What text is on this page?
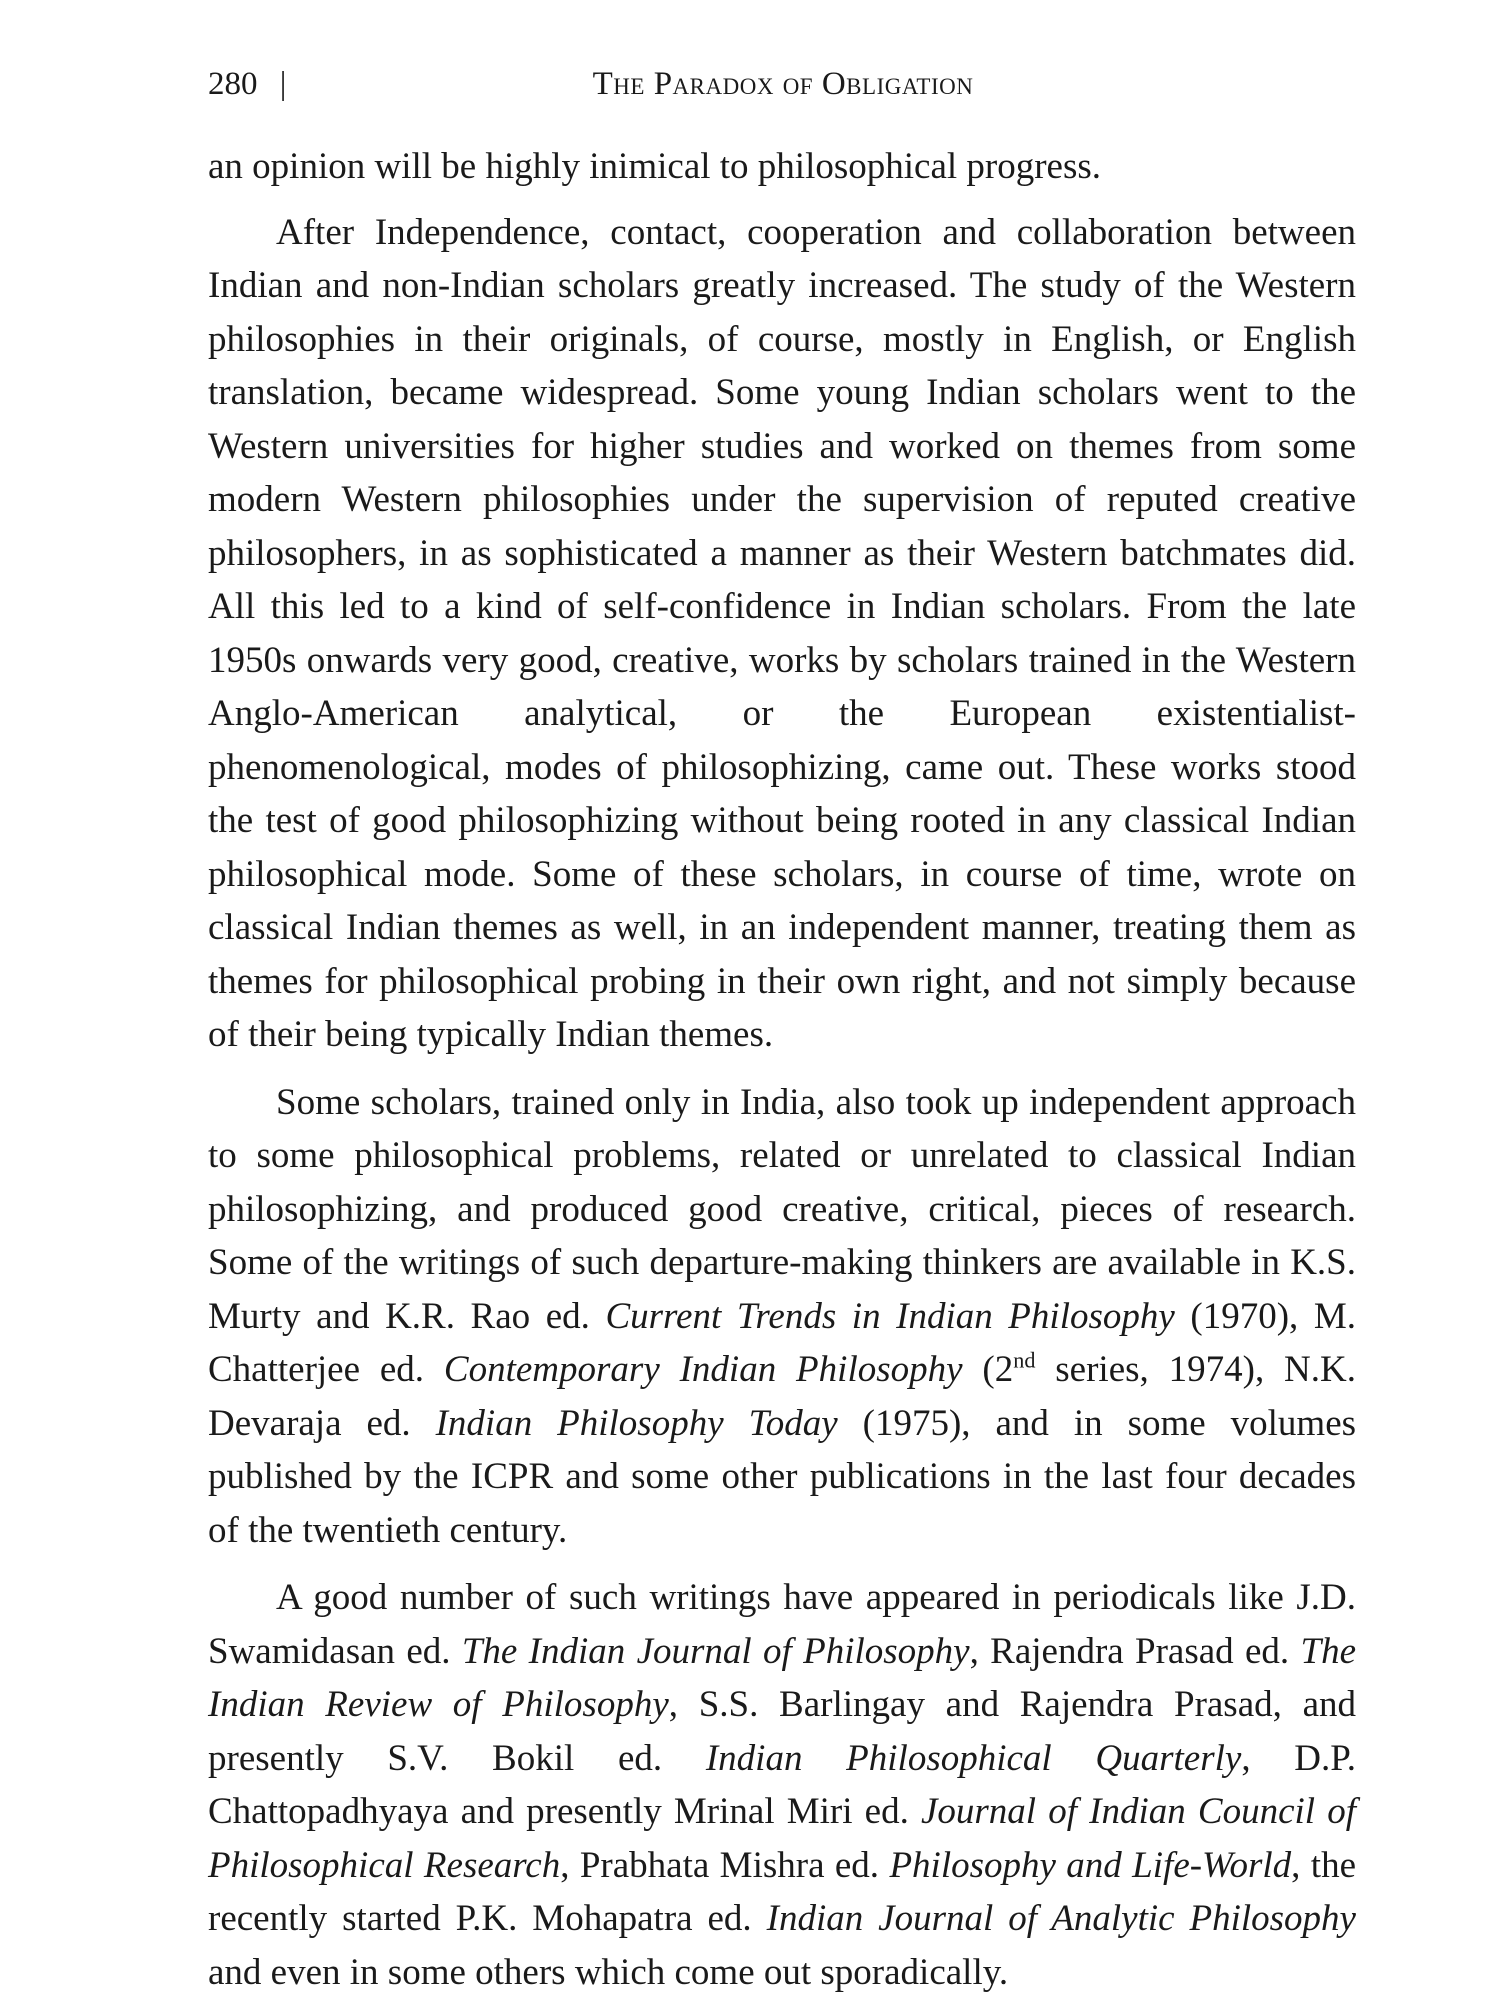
280 |	The Paradox of Obligation

an opinion will be highly inimical to philosophical progress.

After Independence, contact, cooperation and collaboration between Indian and non-Indian scholars greatly increased. The study of the Western philosophies in their originals, of course, mostly in English, or English translation, became widespread. Some young Indian scholars went to the Western universities for higher studies and worked on themes from some modern Western philosophies under the supervision of reputed creative philosophers, in as sophisticated a manner as their Western batchmates did. All this led to a kind of self-confidence in Indian scholars. From the late 1950s onwards very good, creative, works by scholars trained in the Western Anglo-American analytical, or the European existentialist-phenomenological, modes of philosophizing, came out. These works stood the test of good philosophizing without being rooted in any classical Indian philosophical mode. Some of these scholars, in course of time, wrote on classical Indian themes as well, in an independent manner, treating them as themes for philosophical probing in their own right, and not simply because of their being typically Indian themes.

Some scholars, trained only in India, also took up independent approach to some philosophical problems, related or unrelated to classical Indian philosophizing, and produced good creative, critical, pieces of research. Some of the writings of such departure-making thinkers are available in K.S. Murty and K.R. Rao ed. Current Trends in Indian Philosophy (1970), M. Chatterjee ed. Contemporary Indian Philosophy (2nd series, 1974), N.K. Devaraja ed. Indian Philosophy Today (1975), and in some volumes published by the ICPR and some other publications in the last four decades of the twentieth century.

A good number of such writings have appeared in periodicals like J.D. Swamidasan ed. The Indian Journal of Philosophy, Rajendra Prasad ed. The Indian Review of Philosophy, S.S. Barlingay and Rajendra Prasad, and presently S.V. Bokil ed. Indian Philosophical Quarterly, D.P. Chattopadhyaya and presently Mrinal Miri ed. Journal of Indian Council of Philosophical Research, Prabhata Mishra ed. Philosophy and Life-World, the recently started P.K. Mohapatra ed. Indian Journal of Analytic Philosophy and even in some others which come out sporadically.
